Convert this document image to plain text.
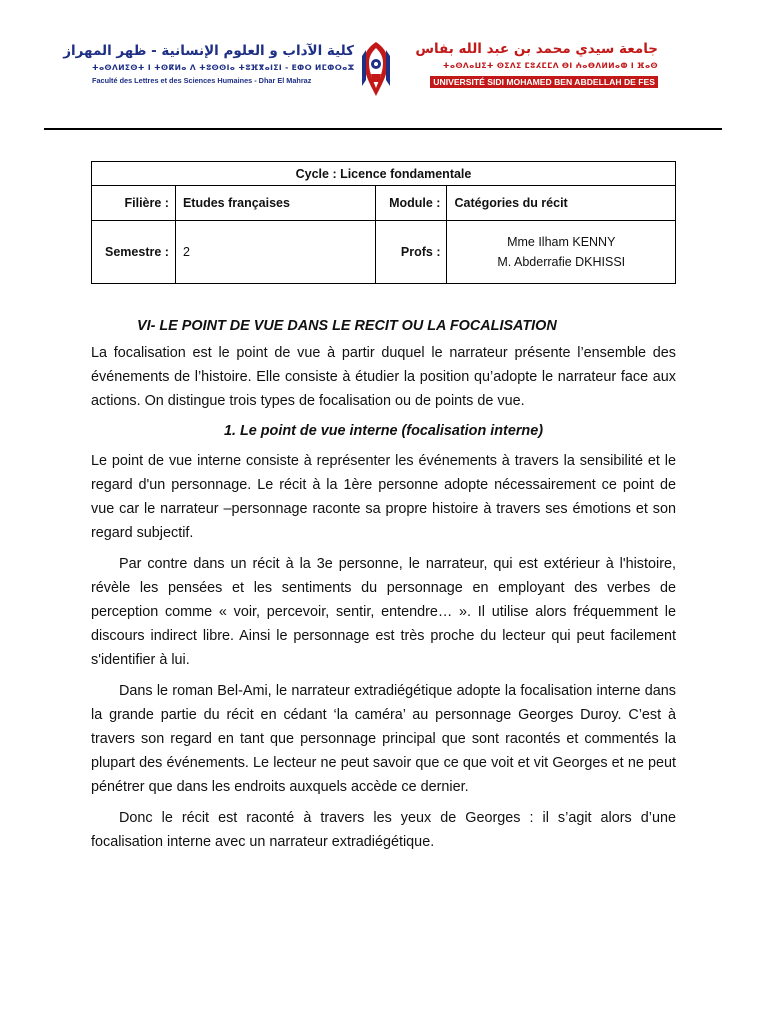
كلية الآداب و العلوم الإنسانية - ظهر المهراز
ⵜⴰⵙⴷⵍⵉⵙⵜ ⵏ ⵜⵙⴽⵍⴰ ⴷ ⵜⵓⵙⵙⵏⴰ ⵜⵓⴼⴳⴰⵏⵉⵏ - ⴹⵀⵔ ⵍⵎⵀⵔⴰⵣ
Faculté des Lettres et des Sciences Humaines - Dhar El Mahraz
جامعة سيدي محمد بن عبد الله بفاس
ⵜⴰⵙⴷⴰⵡⵉⵜ ⵙⵉⴷⵉ ⵎⵓⵃⵎⵎⴷ ⴱⵏ ⵄⴰⴱⴷⵍⵍⴰⵀ ⵏ ⴼⴰⵙ
UNIVERSITÉ SIDI MOHAMED BEN ABDELLAH DE FES
Cycle : Licence fondamentale			
Filière :	Etudes françaises	Module :	Catégories du récit
Semestre :	2	Profs :	Mme Ilham KENNY
M. Abderrafie DKHISSI
VI- LE POINT DE VUE DANS LE RECIT OU LA FOCALISATION

La focalisation est le point de vue à partir duquel le narrateur présente l’ensemble des événements de l’histoire. Elle consiste à étudier la position qu’adopte le narrateur face aux actions. On distingue trois types de focalisation ou de points de vue.

1. Le point de vue interne (focalisation interne)

Le point de vue interne consiste à représenter les événements à travers la sensibilité et le regard d'un personnage. Le récit à la 1ère personne adopte nécessairement ce point de vue car le narrateur –personnage raconte sa propre histoire à travers ses émotions et son regard subjectif.

Par contre dans un récit à la 3e personne, le narrateur, qui est extérieur à l'histoire, révèle les pensées et les sentiments du personnage en employant des verbes de perception comme « voir, percevoir, sentir, entendre… ». Il utilise alors fréquemment le discours indirect libre. Ainsi le personnage est très proche du lecteur qui peut facilement s'identifier à lui.

Dans le roman Bel-Ami, le narrateur extradiégétique adopte la focalisation interne dans la grande partie du récit en cédant ‘la caméra’ au personnage Georges Duroy. C’est à travers son regard en tant que personnage principal que sont racontés et commentés la plupart des événements. Le lecteur ne peut savoir que ce que voit et vit Georges et ne peut pénétrer que dans les endroits auxquels accède ce dernier.

Donc le récit est raconté à travers les yeux de Georges : il s’agit alors d’une focalisation interne avec un narrateur extradiégétique.
